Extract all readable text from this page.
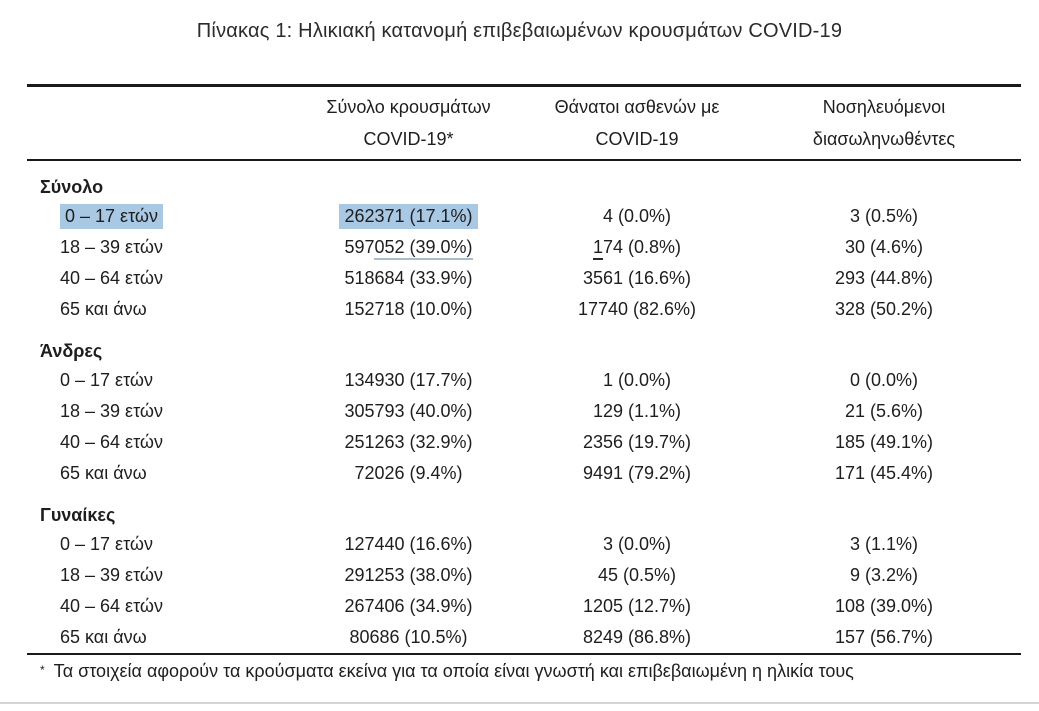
Πίνακας 1: Ηλικιακή κατανομή επιβεβαιωμένων κρουσμάτων COVID-19
Σύνολο κρουσμάτων
COVID-19*
Θάνατοι ασθενών με
COVID-19
Νοσηλευόμενοι
διασωληνωθέντες
Σύνολο
0 – 17 ετών	262371 (17.1%)	4 (0.0%)	3 (0.5%)
18 – 39 ετών	597052 (39.0%)	174 (0.8%)	30 (4.6%)
40 – 64 ετών	518684 (33.9%)	3561 (16.6%)	293 (44.8%)
65 και άνω	152718 (10.0%)	17740 (82.6%)	328 (50.2%)
Άνδρες
0 – 17 ετών	134930 (17.7%)	1 (0.0%)	0 (0.0%)
18 – 39 ετών	305793 (40.0%)	129 (1.1%)	21 (5.6%)
40 – 64 ετών	251263 (32.9%)	2356 (19.7%)	185 (49.1%)
65 και άνω	72026 (9.4%)	9491 (79.2%)	171 (45.4%)
Γυναίκες
0 – 17 ετών	127440 (16.6%)	3 (0.0%)	3 (1.1%)
18 – 39 ετών	291253 (38.0%)	45 (0.5%)	9 (3.2%)
40 – 64 ετών	267406 (34.9%)	1205 (12.7%)	108 (39.0%)
65 και άνω	80686 (10.5%)	8249 (86.8%)	157 (56.7%)
* Τα στοιχεία αφορούν τα κρούσματα εκείνα για τα οποία είναι γνωστή και επιβεβαιωμένη η ηλικία τους
